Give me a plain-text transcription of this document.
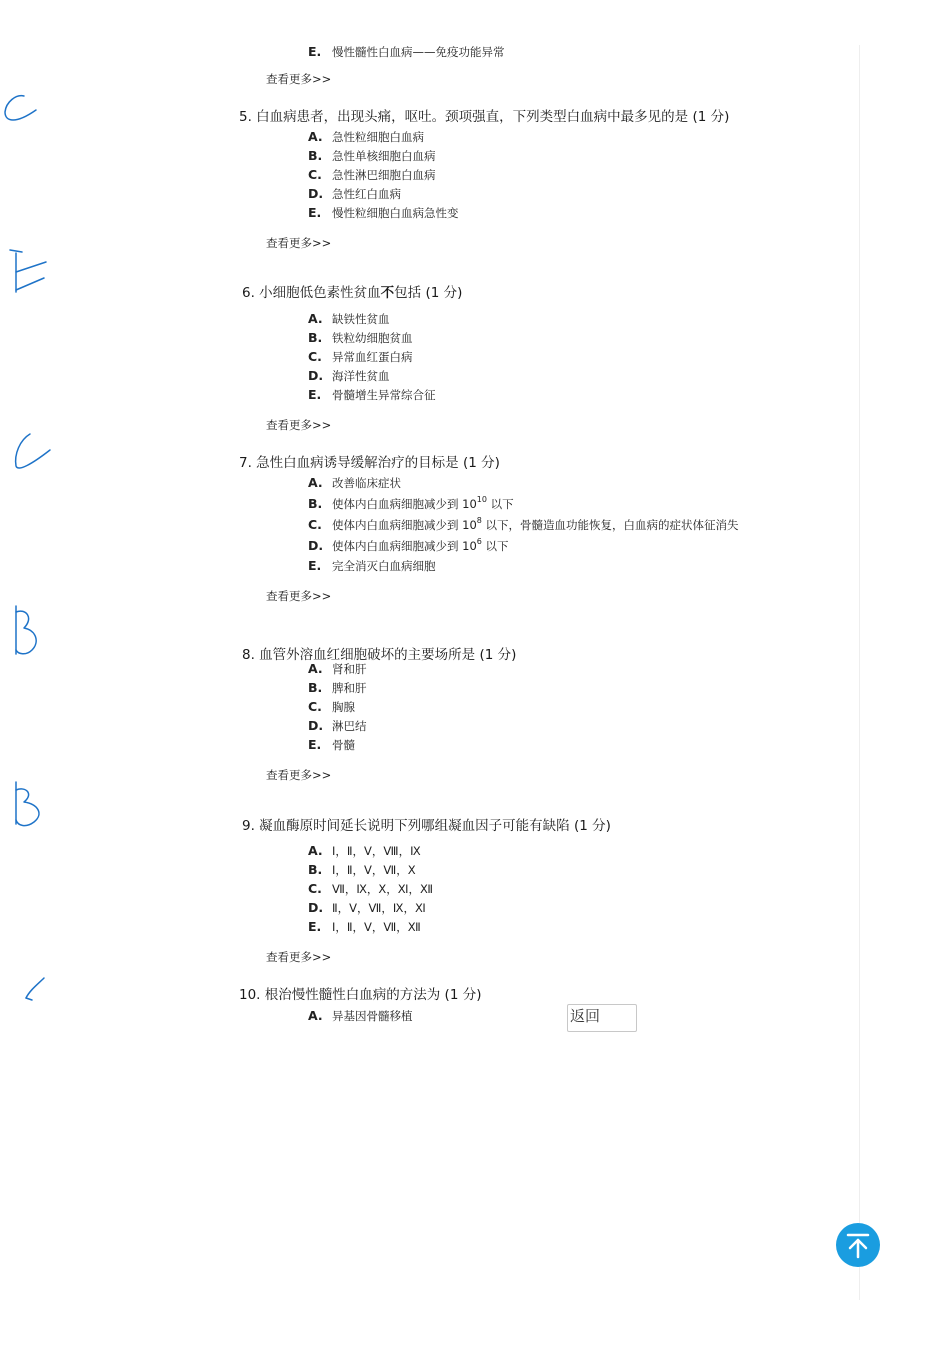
E. 慢性髓性白血病——免疫功能异常
查看更多>>
5. 白血病患者，出现头痛，呕吐。颈项强直，下列类型白血病中最多见的是 (1 分)
A. 急性粒细胞白血病
B. 急性单核细胞白血病
C. 急性淋巴细胞白血病
D. 急性红白血病
E. 慢性粒细胞白血病急性变
查看更多>>
6. 小细胞低色素性贫血不包括 (1 分)
A. 缺铁性贫血
B. 铁粒幼细胞贫血
C. 异常血红蛋白病
D. 海洋性贫血
E. 骨髓增生异常综合征
查看更多>>
7. 急性白血病诱导缓解治疗的目标是 (1 分)
A. 改善临床症状
B. 使体内白血病细胞减少到 $10^{10}$ 以下
C. 使体内白血病细胞减少到 $10^8$ 以下，骨髓造血功能恢复，白血病的症状体征消失
D. 使体内白血病细胞减少到 $10^6$ 以下
E. 完全消灭白血病细胞
查看更多>>
8. 血管外溶血红细胞破坏的主要场所是 (1 分)
A. 肾和肝
B. 脾和肝
C. 胸腺
D. 淋巴结
E. 骨髓
查看更多>>
9. 凝血酶原时间延长说明下列哪组凝血因子可能有缺陷 (1 分)
A. Ⅰ，Ⅱ，Ⅴ，Ⅷ，Ⅸ
B. Ⅰ，Ⅱ，Ⅴ，Ⅶ，Ⅹ
C. Ⅶ，Ⅸ，Ⅹ，Ⅺ，Ⅻ
D. Ⅱ，Ⅴ，Ⅶ，Ⅸ，Ⅺ
E. Ⅰ，Ⅱ，Ⅴ，Ⅶ，Ⅻ
查看更多>>
10. 根治慢性髓性白血病的方法为 (1 分)
A. 异基因骨髓移植	返回
